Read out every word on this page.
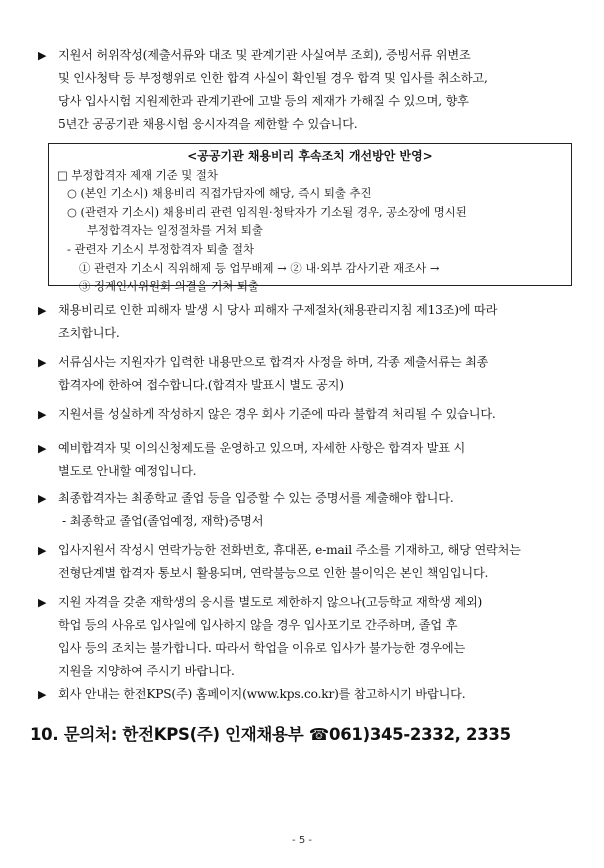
▶ 지원서 허위작성(제출서류와 대조 및 관계기관 사실여부 조회), 증빙서류 위변조
및 인사청탁 등 부정행위로 인한 합격 사실이 확인될 경우 합격 및 입사를 취소하고,
당사 입사시험 지원제한과 관계기관에 고발 등의 제재가 가해질 수 있으며, 향후
5년간 공공기관 채용시험 응시자격을 제한할 수 있습니다.
<공공기관 채용비리 후속조치 개선방안 반영>
□ 부정합격자 제재 기준 및 절차
○ (본인 기소시) 채용비리 직접가담자에 해당, 즉시 퇴출 추진
○ (관련자 기소시) 채용비리 관련 임직원·청탁자가 기소될 경우, 공소장에 명시된
부정합격자는 일정절차를 거쳐 퇴출
- 관련자 기소시 부정합격자 퇴출 절차
① 관련자 기소시 직위해제 등 업무배제 → ② 내·외부 감사기관 재조사 →
③ 징계인사위원회 의결을 거쳐 퇴출
▶ 채용비리로 인한 피해자 발생 시 당사 피해자 구제절차(채용관리지침 제13조)에 따라
조치합니다.
▶ 서류심사는 지원자가 입력한 내용만으로 합격자 사정을 하며, 각종 제출서류는 최종
합격자에 한하여 접수합니다.(합격자 발표시 별도 공지)
▶ 지원서를 성실하게 작성하지 않은 경우 회사 기준에 따라 불합격 처리될 수 있습니다.
▶ 예비합격자 및 이의신청제도를 운영하고 있으며, 자세한 사항은 합격자 발표 시
별도로 안내할 예정입니다.
▶ 최종합격자는 최종학교 졸업 등을 입증할 수 있는 증명서를 제출해야 합니다.
- 최종학교 졸업(졸업예정, 재학)증명서
▶ 입사지원서 작성시 연락가능한 전화번호, 휴대폰, e-mail 주소를 기재하고, 해당 연락처는
전형단계별 합격자 통보시 활용되며, 연락불능으로 인한 불이익은 본인 책임입니다.
▶ 지원 자격을 갖춘 재학생의 응시를 별도로 제한하지 않으나(고등학교 재학생 제외)
학업 등의 사유로 입사일에 입사하지 않을 경우 입사포기로 간주하며, 졸업 후
입사 등의 조치는 불가합니다. 따라서 학업을 이유로 입사가 불가능한 경우에는
지원을 지양하여 주시기 바랍니다.
▶ 회사 안내는 한전KPS(주) 홈페이지(www.kps.co.kr)를 참고하시기 바랍니다.
10. 문의처: 한전KPS(주) 인재채용부 ☎061)345-2332, 2335
- 5 -
